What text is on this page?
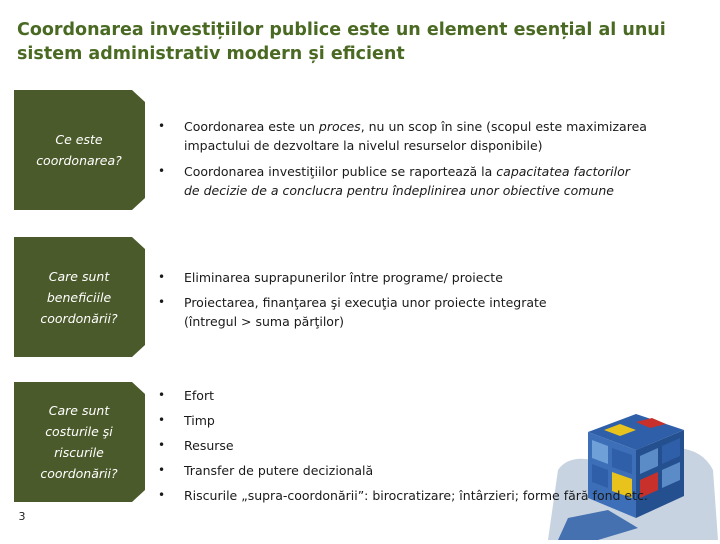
Coordonarea investițiilor publice este un element esențial al unui
sistem administrativ modern și eficient
Ce este
coordonarea?
• Coordonarea este un proces, nu un scop în sine (scopul este maximizarea
impactului de dezvoltare la nivelul resurselor disponibile)
• Coordonarea investiţiilor publice se raportează la capacitatea factorilor
de decizie de a conclucra pentru îndeplinirea unor obiective comune
Care sunt
beneficiile
coordonării?
• Eliminarea suprapunerilor între programe/ proiecte
• Proiectarea, finanţarea şi execuţia unor proiecte integrate
(întregul > suma părţilor)
Care sunt
costurile şi
riscurile
coordonării?
• Efort
• Timp
• Resurse
• Transfer de putere decizională
• Riscurile „supra-coordonării”: birocratizare; întârzieri; forme fără fond etc.
3
